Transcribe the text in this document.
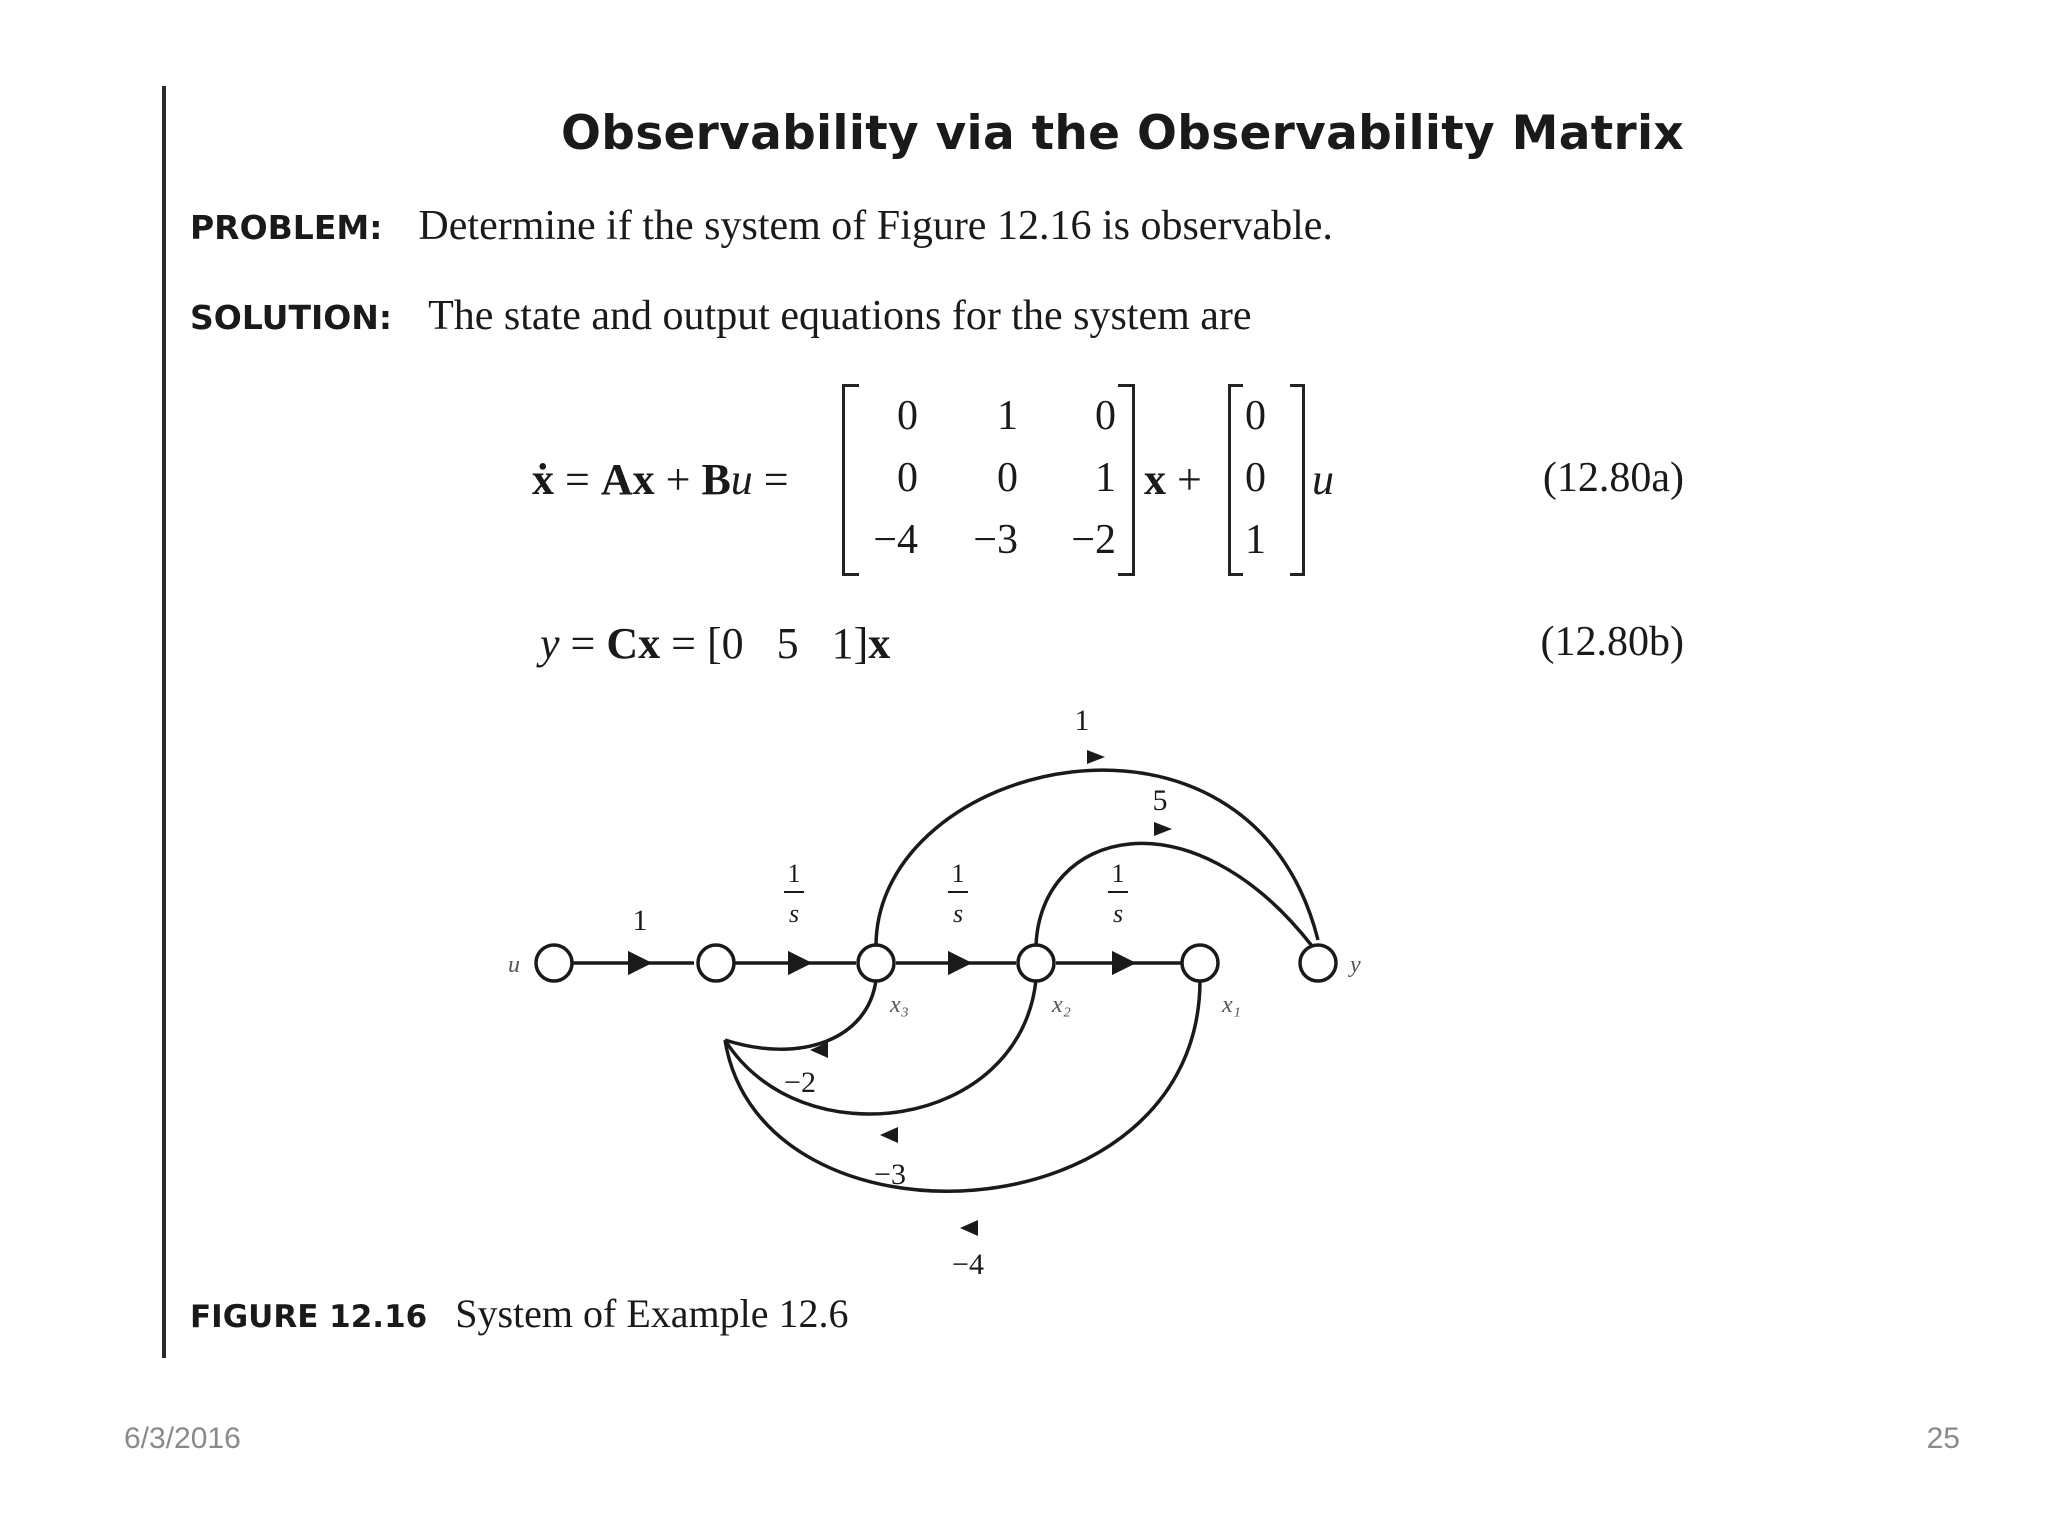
Observability via the Observability Matrix
PROBLEM: Determine if the system of Figure 12.16 is observable.
SOLUTION: The state and output equations for the system are
ẋ = Ax + Bu =
0	1	0
0	0	1
−4	−3	−2
x +
0
0
1
u	(12.80a)
y = Cx = [0   5   1]x	(12.80b)
u
x₃	x₂	x₁
y
1
1
5
−2
−3
−4
1
s
1
s
1
s
FIGURE 12.16 System of Example 12.6
6/3/2016	25
